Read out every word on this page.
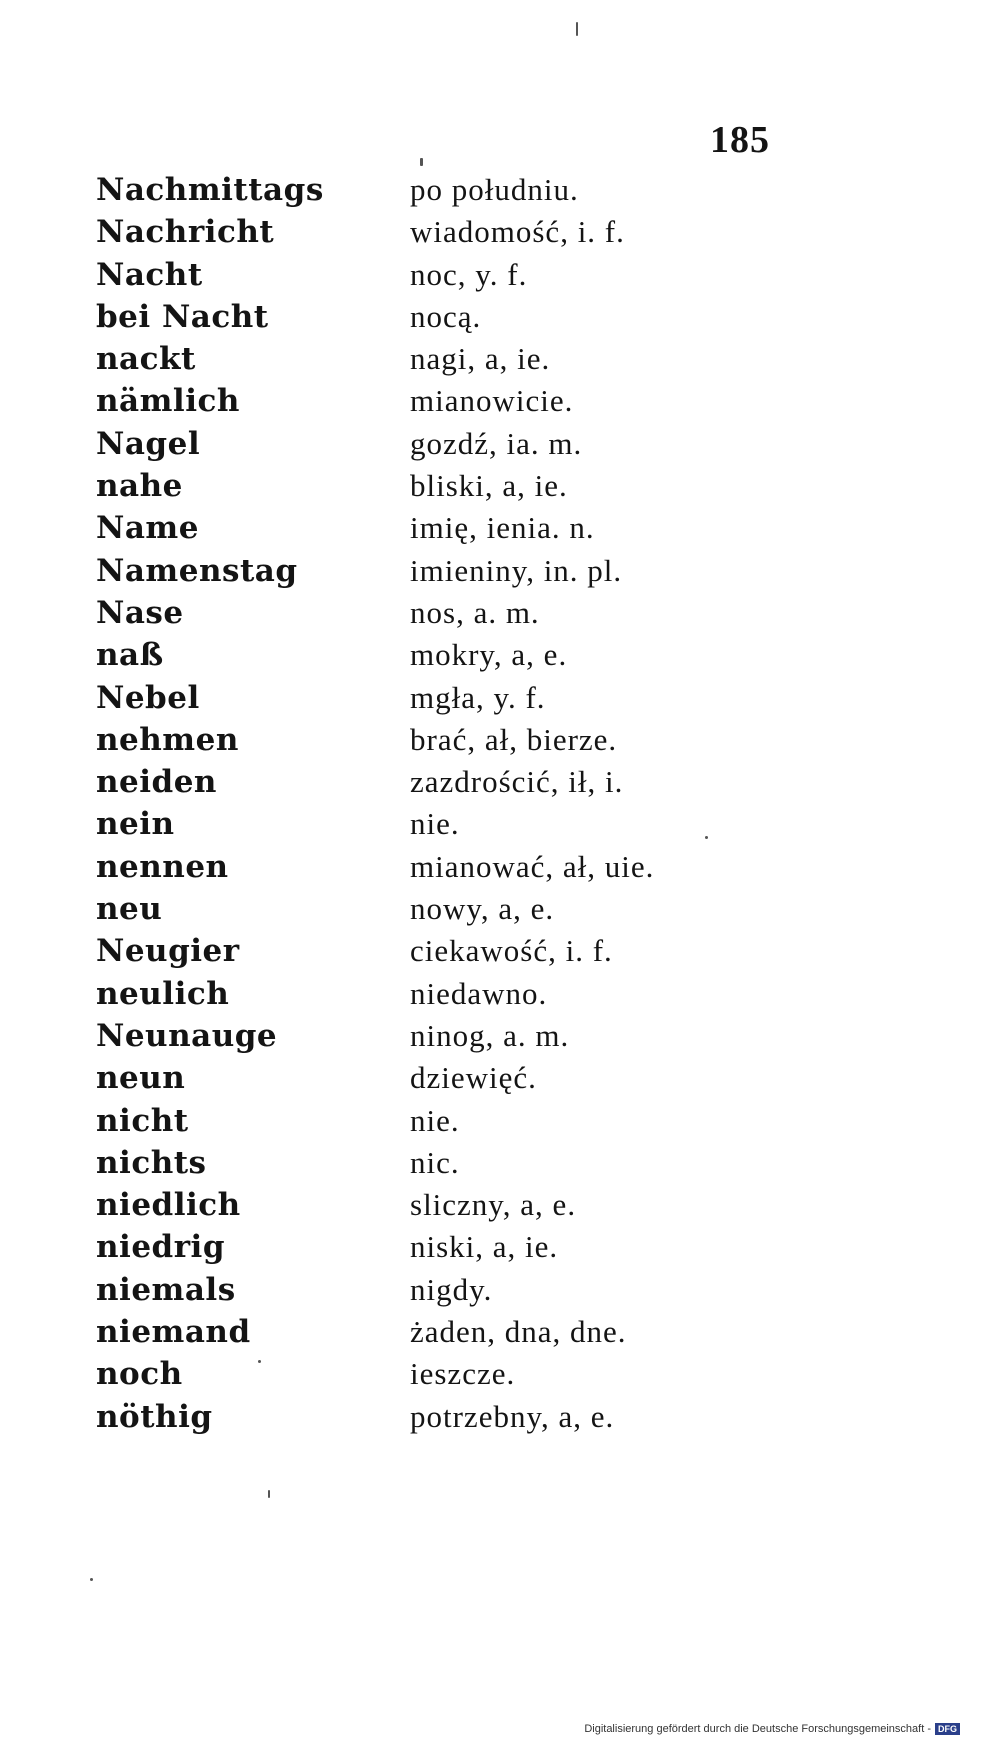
185
Nachmittags	po południu.
Nachricht	wiadomość, i. f.
Nacht	noc, y. f.
bei Nacht	nocą.
nackt	nagi, a, ie.
nämlich	mianowicie.
Nagel	gozdź, ia. m.
nahe	bliski, a, ie.
Name	imię, ienia. n.
Namenstag	imieniny, in. pl.
Nase	nos, a. m.
naß	mokry, a, e.
Nebel	mgła, y. f.
nehmen	brać, ał, bierze.
neiden	zazdrościć, ił, i.
nein	nie.
nennen	mianować, ał, uie.
neu	nowy, a, e.
Neugier	ciekawość, i. f.
neulich	niedawno.
Neunauge	ninog, a. m.
neun	dziewięć.
nicht	nie.
nichts	nic.
niedlich	sliczny, a, e.
niedrig	niski, a, ie.
niemals	nigdy.
niemand	żaden, dna, dne.
noch	ieszcze.
nöthig	potrzebny, a, e.
Digitalisierung gefördert durch die Deutsche Forschungsgemeinschaft - DFG
